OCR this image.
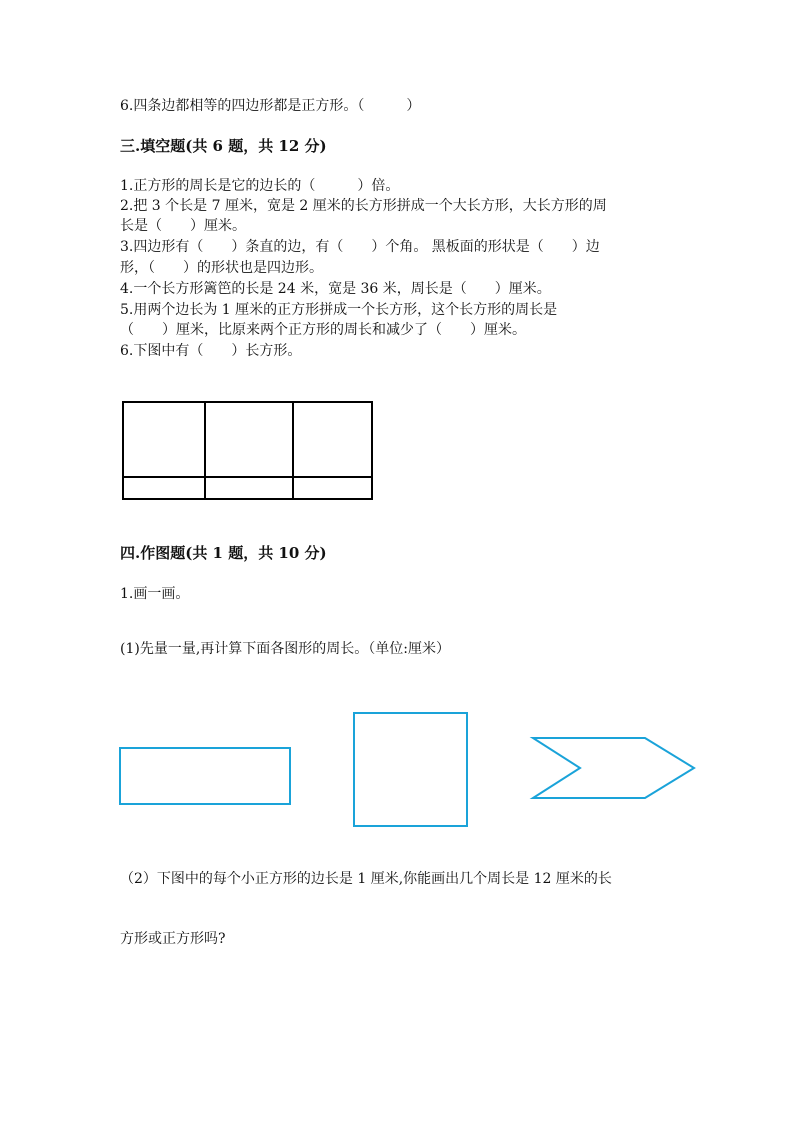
6.四条边都相等的四边形都是正方形。（　　　）
三.填空题(共 6 题，共 12 分)
1.正方形的周长是它的边长的（　　　）倍。
2.把 3 个长是 7 厘米，宽是 2 厘米的长方形拼成一个大长方形，大长方形的周
长是（　　）厘米。
3.四边形有（　　）条直的边，有（　　）个角。 黑板面的形状是（　　）边
形，（　　）的形状也是四边形。
4.一个长方形篱笆的长是 24 米，宽是 36 米，周长是（　　）厘米。
5.用两个边长为 1 厘米的正方形拼成一个长方形，这个长方形的周长是
（　　）厘米，比原来两个正方形的周长和减少了（　　）厘米。
6.下图中有（　　）长方形。
四.作图题(共 1 题，共 10 分)
1.画一画。
(1)先量一量,再计算下面各图形的周长。（单位:厘米）
（2）下图中的每个小正方形的边长是 1 厘米,你能画出几个周长是 12 厘米的长
方形或正方形吗?
